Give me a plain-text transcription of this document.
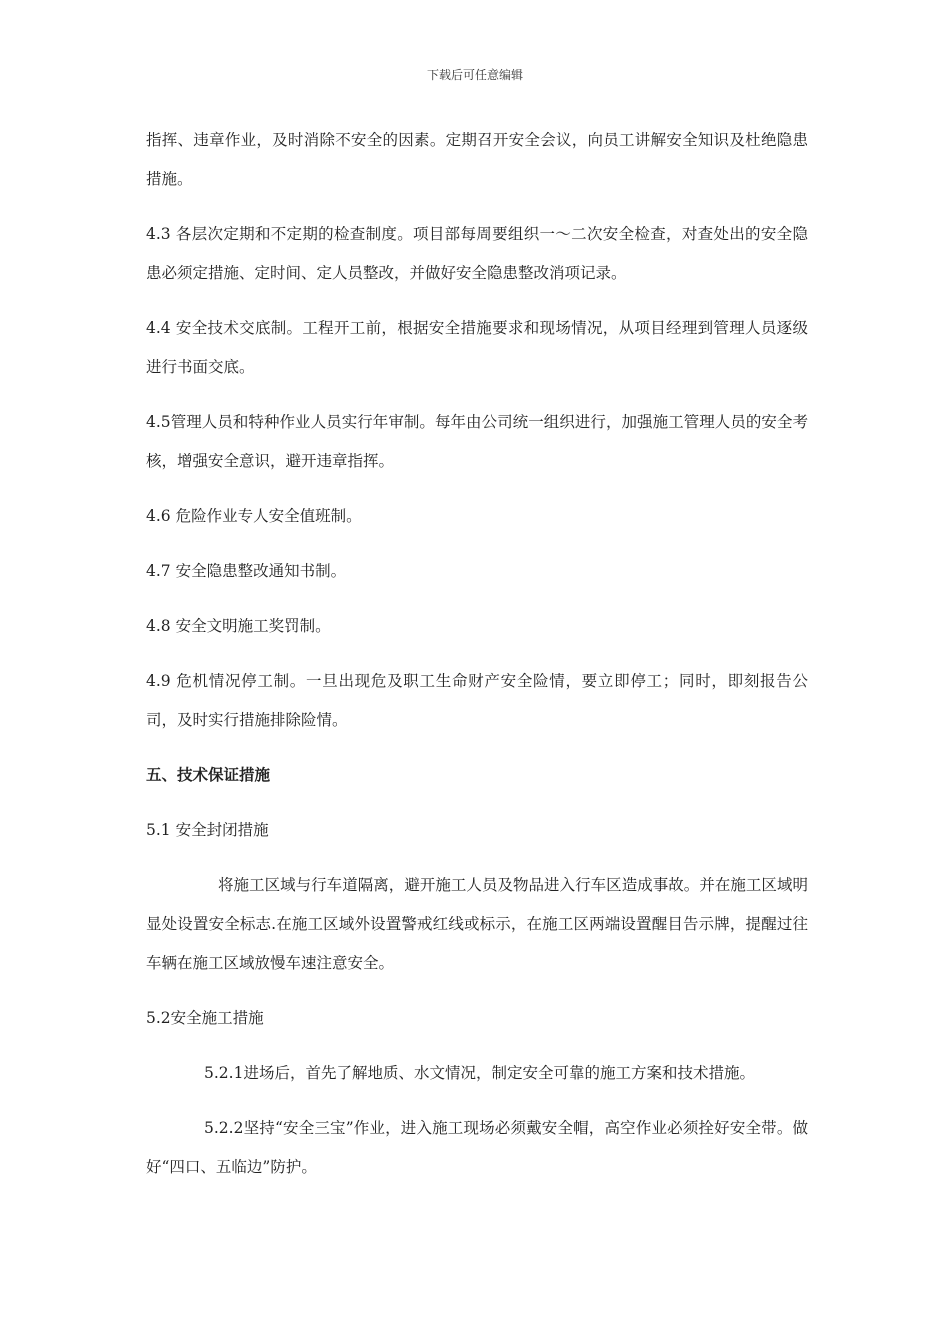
下载后可任意编辑

指挥、违章作业，及时消除不安全的因素。定期召开安全会议，向员工讲解安全知识及杜绝隐患措施。

4.3 各层次定期和不定期的检查制度。项目部每周要组织一～二次安全检查，对查处出的安全隐患必须定措施、定时间、定人员整改，并做好安全隐患整改消项记录。

4.4 安全技术交底制。工程开工前，根据安全措施要求和现场情况，从项目经理到管理人员逐级进行书面交底。

4.5管理人员和特种作业人员实行年审制。每年由公司统一组织进行，加强施工管理人员的安全考核，增强安全意识，避开违章指挥。

4.6 危险作业专人安全值班制。

4.7 安全隐患整改通知书制。

4.8 安全文明施工奖罚制。

4.9 危机情况停工制。一旦出现危及职工生命财产安全险情，要立即停工；同时，即刻报告公司，及时实行措施排除险情。

五、技术保证措施

5.1 安全封闭措施

将施工区域与行车道隔离，避开施工人员及物品进入行车区造成事故。并在施工区域明显处设置安全标志.在施工区域外设置警戒红线或标示，在施工区两端设置醒目告示牌，提醒过往车辆在施工区域放慢车速注意安全。

5.2安全施工措施

5.2.1进场后，首先了解地质、水文情况，制定安全可靠的施工方案和技术措施。

5.2.2坚持“安全三宝”作业，进入施工现场必须戴安全帽，高空作业必须拴好安全带。做好“四口、五临边”防护。
